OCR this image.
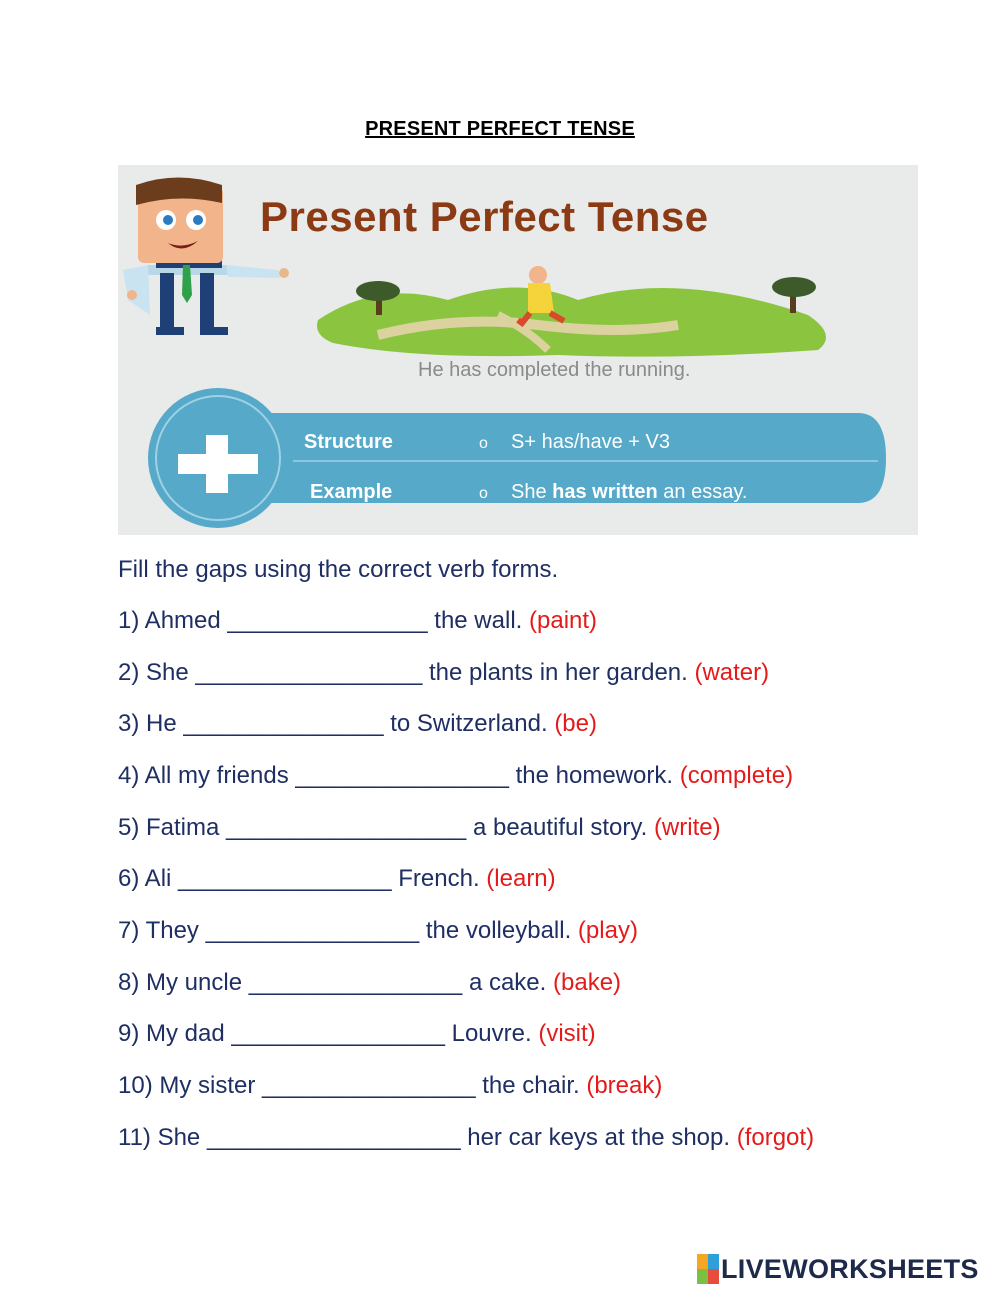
PRESENT PERFECT TENSE
Present Perfect Tense
He has completed the running.
Structure	o S+ has/have + V3
Example	o She has written an essay.
Fill the gaps using the correct verb forms.
1) Ahmed _______________ the wall. (paint)
2) She _________________ the plants in her garden. (water)
3) He _______________ to Switzerland. (be)
4) All my friends ________________ the homework. (complete)
5) Fatima __________________ a beautiful story. (write)
6) Ali ________________ French. (learn)
7) They ________________ the volleyball. (play)
8) My uncle ________________ a cake. (bake)
9) My dad ________________ Louvre. (visit)
10) My sister ________________ the chair. (break)
11) She ___________________ her car keys at the shop. (forgot)
LIVEWORKSHEETS
